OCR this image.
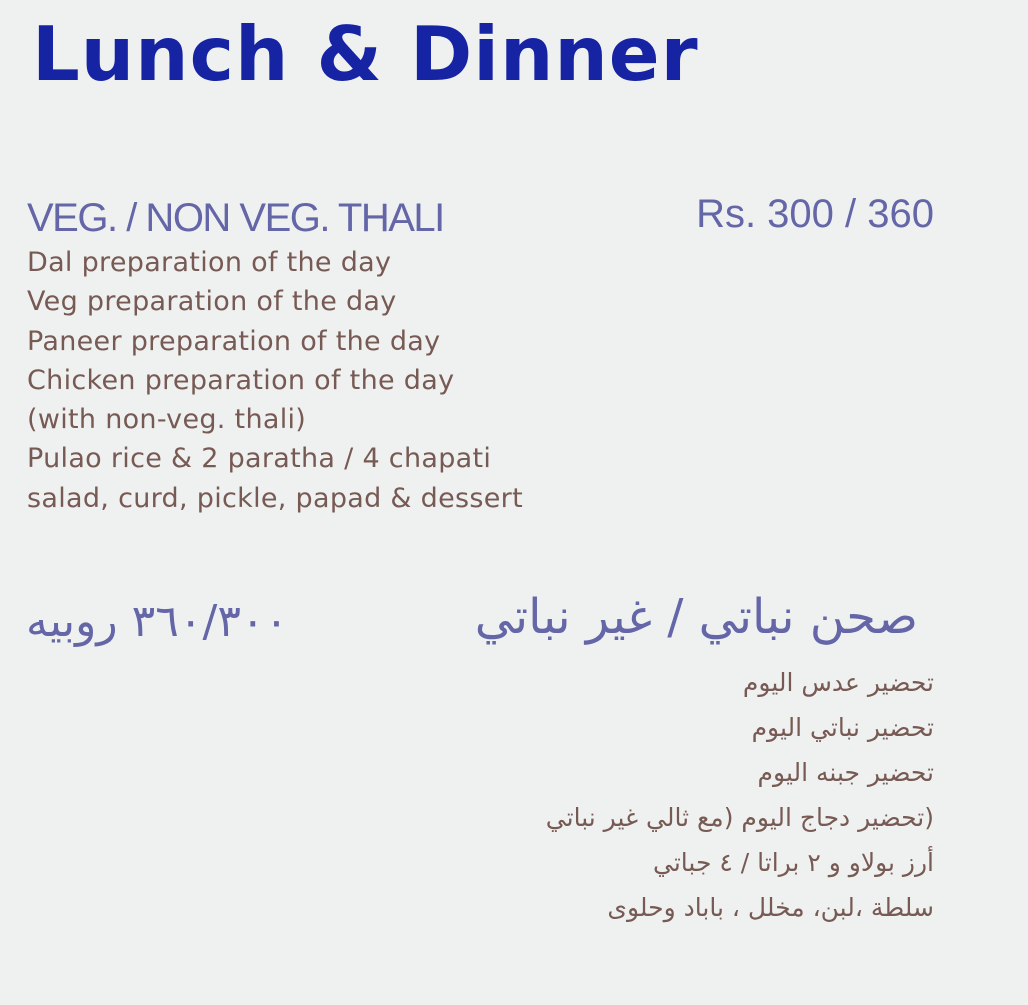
Lunch & Dinner
VEG. / NON VEG. THALI	Rs. 300 / 360
Dal preparation of the day
Veg preparation of the day
Paneer preparation of the day
Chicken preparation of the day
(with non-veg. thali)
Pulao rice & 2 paratha / 4 chapati
salad, curd, pickle, papad & dessert
٣٦٠/٣٠٠ روبيه	صحن نباتي / غير نباتي
تحضير عدس اليوم
تحضير نباتي اليوم
تحضير جبنه اليوم
(تحضير دجاج اليوم (مع ثالي غير نباتي
أرز بولاو و ٢ براتا / ٤ جباتي
سلطة ،لبن، مخلل ، باباد وحلوى
